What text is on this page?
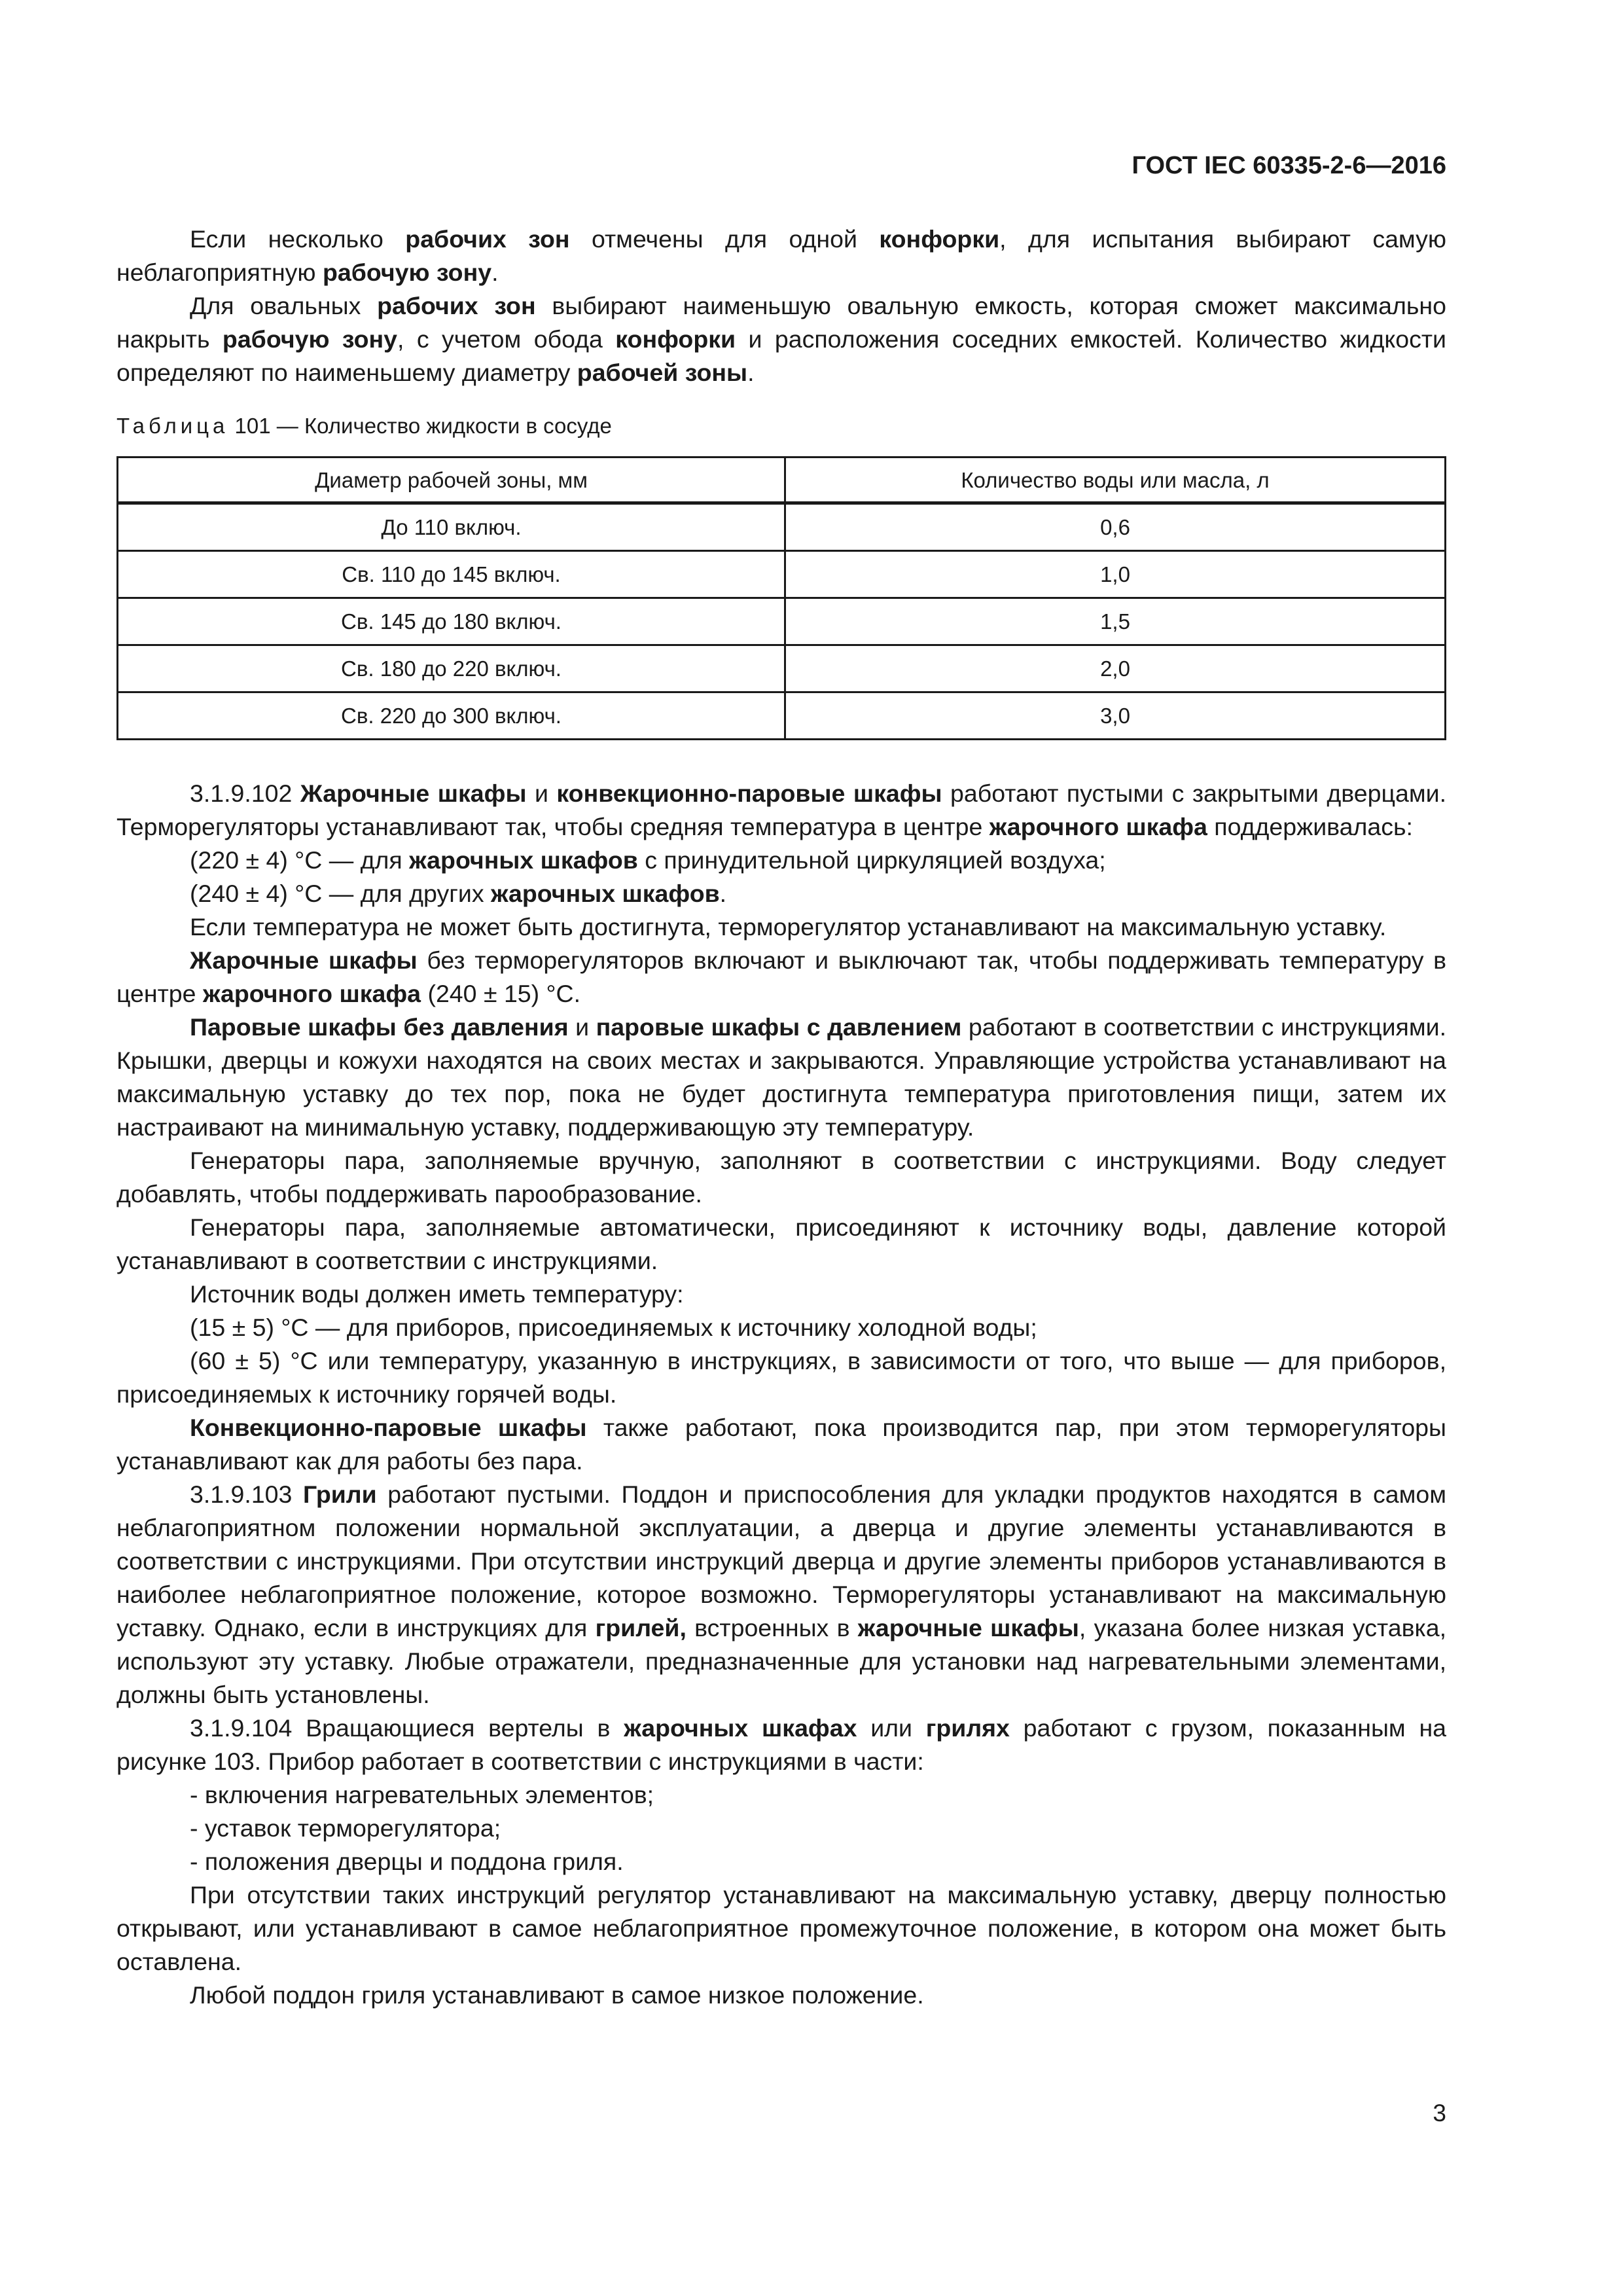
ГОСТ IEC 60335-2-6—2016

Если несколько рабочих зон отмечены для одной конфорки, для испытания выбирают самую неблагоприятную рабочую зону.

Для овальных рабочих зон выбирают наименьшую овальную емкость, которая сможет максимально накрыть рабочую зону, с учетом обода конфорки и расположения соседних емкостей. Количество жидкости определяют по наименьшему диаметру рабочей зоны.

Таблица 101 — Количество жидкости в сосуде

Диаметр рабочей зоны, мм	Количество воды или масла, л
До 110 включ.	0,6
Св. 110 до 145 включ.	1,0
Св. 145 до 180 включ.	1,5
Св. 180 до 220 включ.	2,0
Св. 220 до 300 включ.	3,0

3.1.9.102 Жарочные шкафы и конвекционно-паровые шкафы работают пустыми с закрытыми дверцами. Терморегуляторы устанавливают так, чтобы средняя температура в центре жарочного шкафа поддерживалась:

(220 ± 4) °С — для жарочных шкафов с принудительной циркуляцией воздуха;

(240 ± 4) °С — для других жарочных шкафов.

Если температура не может быть достигнута, терморегулятор устанавливают на максимальную уставку.

Жарочные шкафы без терморегуляторов включают и выключают так, чтобы поддерживать температуру в центре жарочного шкафа (240 ± 15) °С.

Паровые шкафы без давления и паровые шкафы с давлением работают в соответствии с инструкциями. Крышки, дверцы и кожухи находятся на своих местах и закрываются. Управляющие устройства устанавливают на максимальную уставку до тех пор, пока не будет достигнута температура приготовления пищи, затем их настраивают на минимальную уставку, поддерживающую эту температуру.

Генераторы пара, заполняемые вручную, заполняют в соответствии с инструкциями. Воду следует добавлять, чтобы поддерживать парообразование.

Генераторы пара, заполняемые автоматически, присоединяют к источнику воды, давление которой устанавливают в соответствии с инструкциями.

Источник воды должен иметь температуру:

(15 ± 5) °С — для приборов, присоединяемых к источнику холодной воды;

(60 ± 5) °С или температуру, указанную в инструкциях, в зависимости от того, что выше — для приборов, присоединяемых к источнику горячей воды.

Конвекционно-паровые шкафы также работают, пока производится пар, при этом терморегуляторы устанавливают как для работы без пара.

3.1.9.103 Грили работают пустыми. Поддон и приспособления для укладки продуктов находятся в самом неблагоприятном положении нормальной эксплуатации, а дверца и другие элементы устанавливаются в соответствии с инструкциями. При отсутствии инструкций дверца и другие элементы приборов устанавливаются в наиболее неблагоприятное положение, которое возможно. Терморегуляторы устанавливают на максимальную уставку. Однако, если в инструкциях для грилей, встроенных в жарочные шкафы, указана более низкая уставка, используют эту уставку. Любые отражатели, предназначенные для установки над нагревательными элементами, должны быть установлены.

3.1.9.104 Вращающиеся вертелы в жарочных шкафах или грилях работают с грузом, показанным на рисунке 103. Прибор работает в соответствии с инструкциями в части:

- включения нагревательных элементов;

- уставок терморегулятора;

- положения дверцы и поддона гриля.

При отсутствии таких инструкций регулятор устанавливают на максимальную уставку, дверцу полностью открывают, или устанавливают в самое неблагоприятное промежуточное положение, в котором она может быть оставлена.

Любой поддон гриля устанавливают в самое низкое положение.

3
